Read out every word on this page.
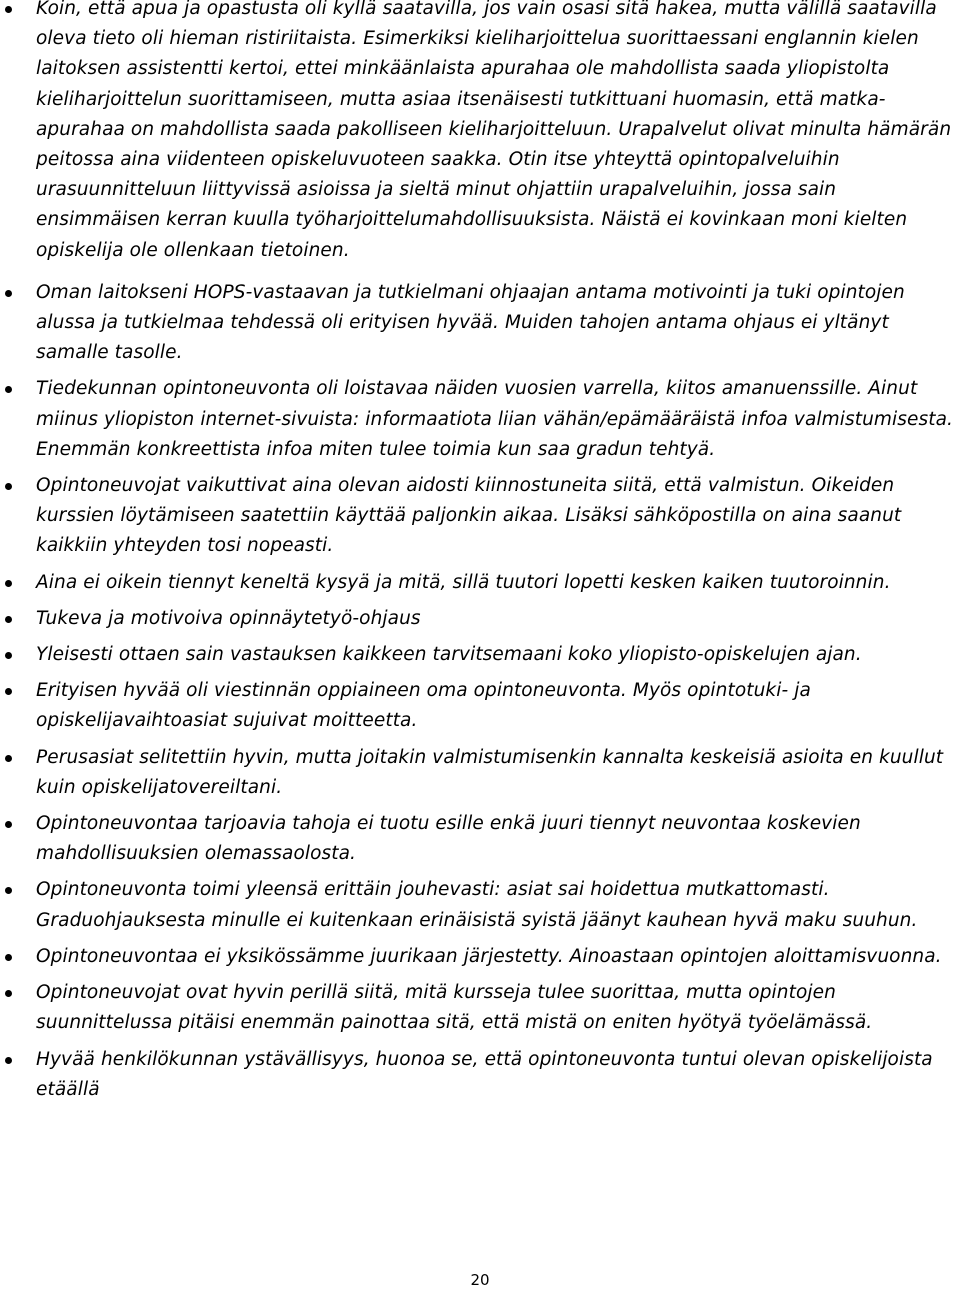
Koin, että apua ja opastusta oli kyllä saatavilla, jos vain osasi sitä hakea, mutta välillä saatavilla oleva tieto oli hieman ristiriitaista. Esimerkiksi kieliharjoittelua suorittaessani englannin kielen laitoksen assistentti kertoi, ettei minkäänlaista apurahaa ole mahdollista saada yliopistolta kieliharjoittelun suorittamiseen, mutta asiaa itsenäisesti tutkittuani huomasin, että matka-apurahaa on mahdollista saada pakolliseen kieliharjoitteluun. Urapalvelut olivat minulta hämärän peitossa aina viidenteen opiskeluvuoteen saakka. Otin itse yhteyttä opintopalveluihin urasuunnitteluun liittyvissä asioissa ja sieltä minut ohjattiin urapalveluihin, jossa sain ensimmäisen kerran kuulla työharjoittelumahdollisuuksista. Näistä ei kovinkaan moni kielten opiskelija ole ollenkaan tietoinen.
Oman laitokseni HOPS-vastaavan ja tutkielmani ohjaajan antama motivointi ja tuki opintojen alussa ja tutkielmaa tehdessä oli erityisen hyvää. Muiden tahojen antama ohjaus ei yltänyt samalle tasolle.
Tiedekunnan opintoneuvonta oli loistavaa näiden vuosien varrella, kiitos amanuenssille. Ainut miinus yliopiston internet-sivuista: informaatiota liian vähän/epämääräistä infoa valmistumisesta. Enemmän konkreettista infoa miten tulee toimia kun saa gradun tehtyä.
Opintoneuvojat vaikuttivat aina olevan aidosti kiinnostuneita siitä, että valmistun. Oikeiden kurssien löytämiseen saatettiin käyttää paljonkin aikaa. Lisäksi sähköpostilla on aina saanut kaikkiin yhteyden tosi nopeasti.
Aina ei oikein tiennyt keneltä kysyä ja mitä, sillä tuutori lopetti kesken kaiken tuutoroinnin.
Tukeva ja motivoiva opinnäytetyö-ohjaus
Yleisesti ottaen sain vastauksen kaikkeen tarvitsemaani koko yliopisto-opiskelujen ajan.
Erityisen hyvää oli viestinnän oppiaineen oma opintoneuvonta. Myös opintotuki- ja opiskelijavaihtoasiat sujuivat moitteetta.
Perusasiat selitettiin hyvin, mutta joitakin valmistumisenkin kannalta keskeisiä asioita en kuullut kuin opiskelijatovereiltani.
Opintoneuvontaa tarjoavia tahoja ei tuotu esille enkä juuri tiennyt neuvontaa koskevien mahdollisuuksien olemassaolosta.
Opintoneuvonta toimi yleensä erittäin jouhevasti: asiat sai hoidettua mutkattomasti. Graduohjauksesta minulle ei kuitenkaan erinäisistä syistä jäänyt kauhean hyvä maku suuhun.
Opintoneuvontaa ei yksikössämme juurikaan järjestetty. Ainoastaan opintojen aloittamisvuonna.
Opintoneuvojat ovat hyvin perillä siitä, mitä kursseja tulee suorittaa, mutta opintojen suunnittelussa pitäisi enemmän painottaa sitä, että mistä on eniten hyötyä työelämässä.
Hyvää henkilökunnan ystävällisyys, huonoa se, että opintoneuvonta tuntui olevan opiskelijoista etäällä
20
